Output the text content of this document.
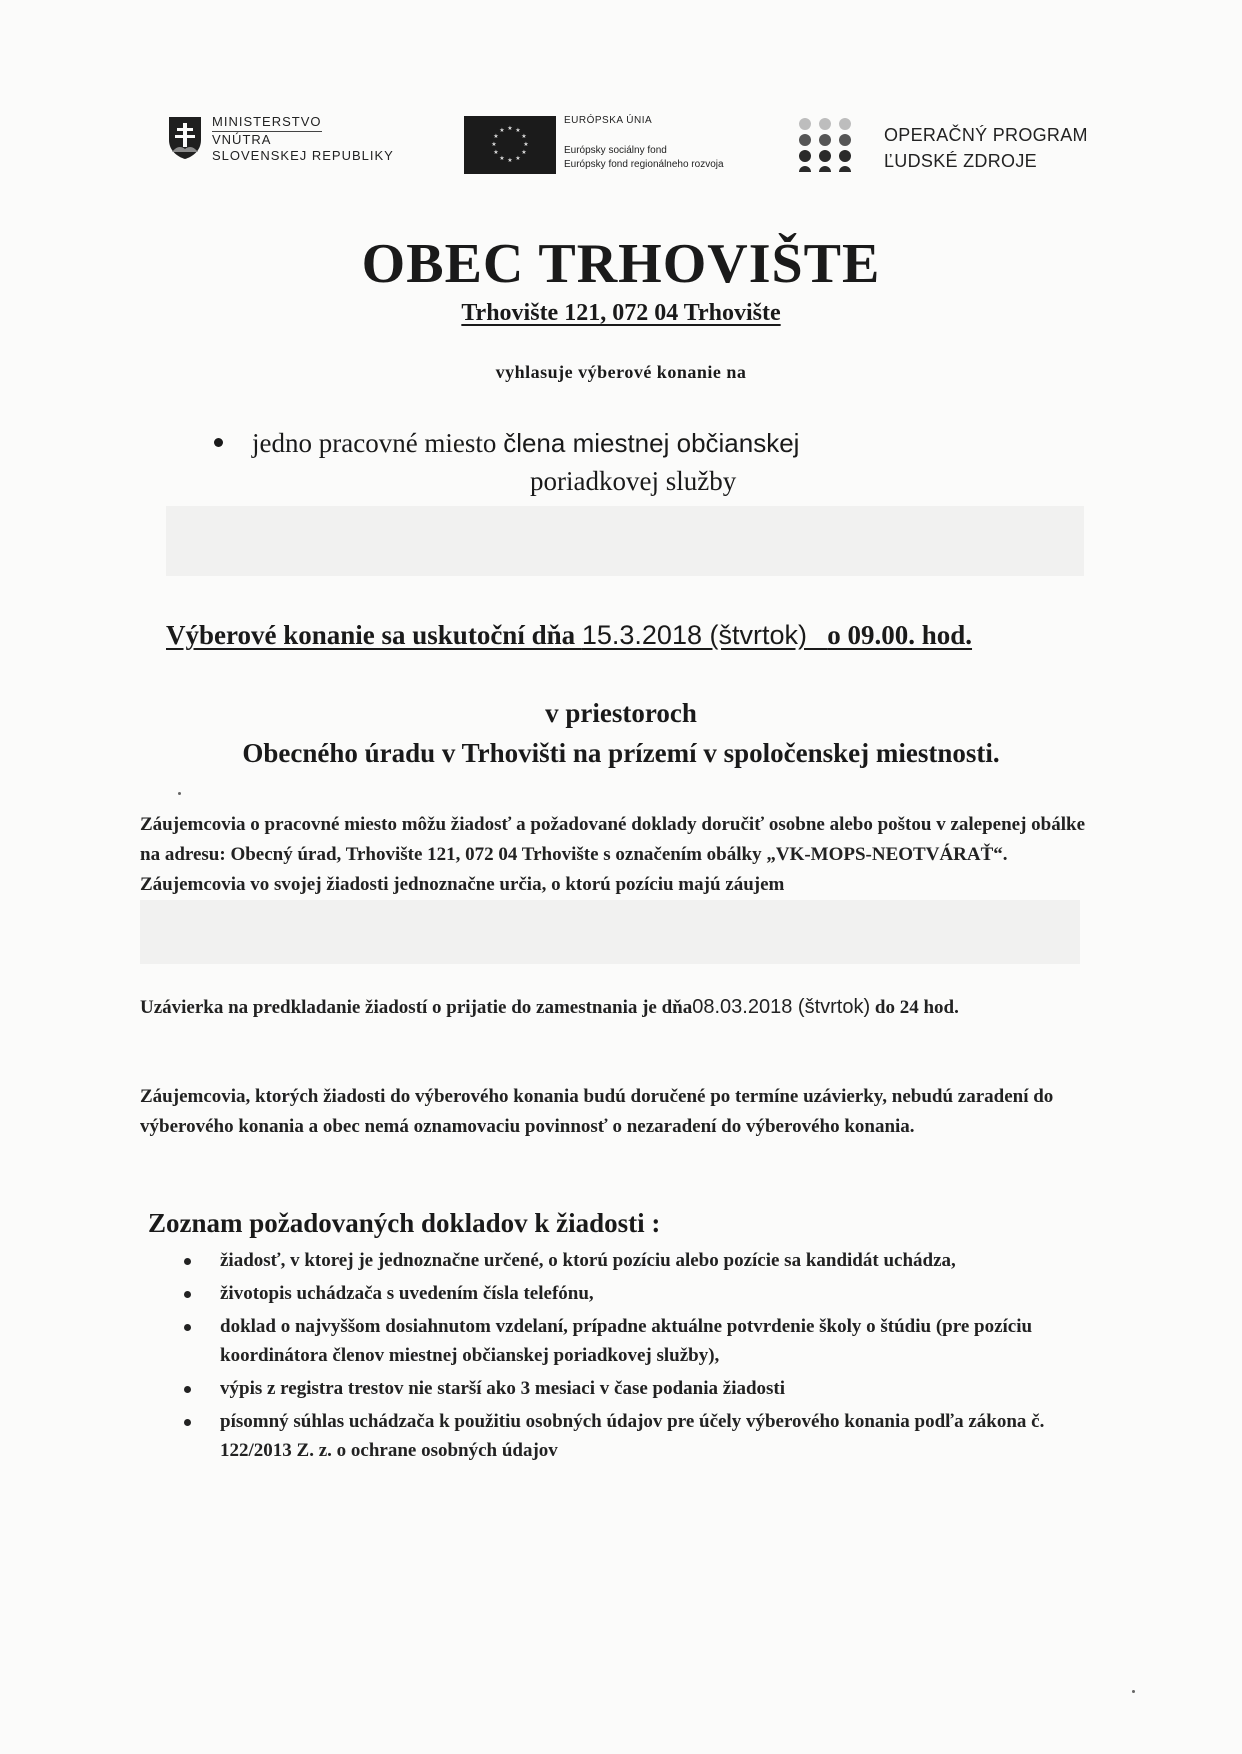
MINISTERSTVO
VNÚTRA
SLOVENSKEJ REPUBLIKY
★ ★
★
★
★
★
★
★
★
★
★
★
EURÓPSKA ÚNIA
Európsky sociálny fond
Európsky fond regionálneho rozvoja
OPERAČNÝ PROGRAM
ĽUDSKÉ ZDROJE
OBEC TRHOVIŠTE
Trhovište 121, 072 04 Trhovište
vyhlasuje výberové konanie na
jedno pracovné miesto člena miestnej občianskej
poriadkovej služby
Výberové konanie sa uskutoční dňa 15.3.2018 (štvrtok) o 09.00. hod.
v priestoroch
Obecného úradu v Trhovišti na prízemí v spoločenskej miestnosti.
Záujemcovia o pracovné miesto môžu žiadosť a požadované doklady doručiť osobne alebo poštou v zalepenej obálke na adresu: Obecný úrad, Trhovište 121, 072 04 Trhovište s označením obálky „VK-MOPS-NEOTVÁRAŤ“. Záujemcovia vo svojej žiadosti jednoznačne určia, o ktorú pozíciu majú záujem
Uzávierka na predkladanie žiadostí o prijatie do zamestnania je dňa08.03.2018 (štvrtok) do 24 hod.
Záujemcovia, ktorých žiadosti do výberového konania budú doručené po termíne uzávierky, nebudú zaradení do výberového konania a obec nemá oznamovaciu povinnosť o nezaradení do výberového konania.
Zoznam požadovaných dokladov k žiadosti :
žiadosť, v ktorej je jednoznačne určené, o ktorú pozíciu alebo pozície sa kandidát uchádza,
životopis uchádzača s uvedením čísla telefónu,
doklad o najvyššom dosiahnutom vzdelaní, prípadne aktuálne potvrdenie školy o štúdiu (pre pozíciu koordinátora členov miestnej občianskej poriadkovej služby),
výpis z registra trestov nie starší ako 3 mesiaci v čase podania žiadosti
písomný súhlas uchádzača k použitiu osobných údajov pre účely výberového konania podľa zákona č. 122/2013 Z. z. o ochrane osobných údajov
